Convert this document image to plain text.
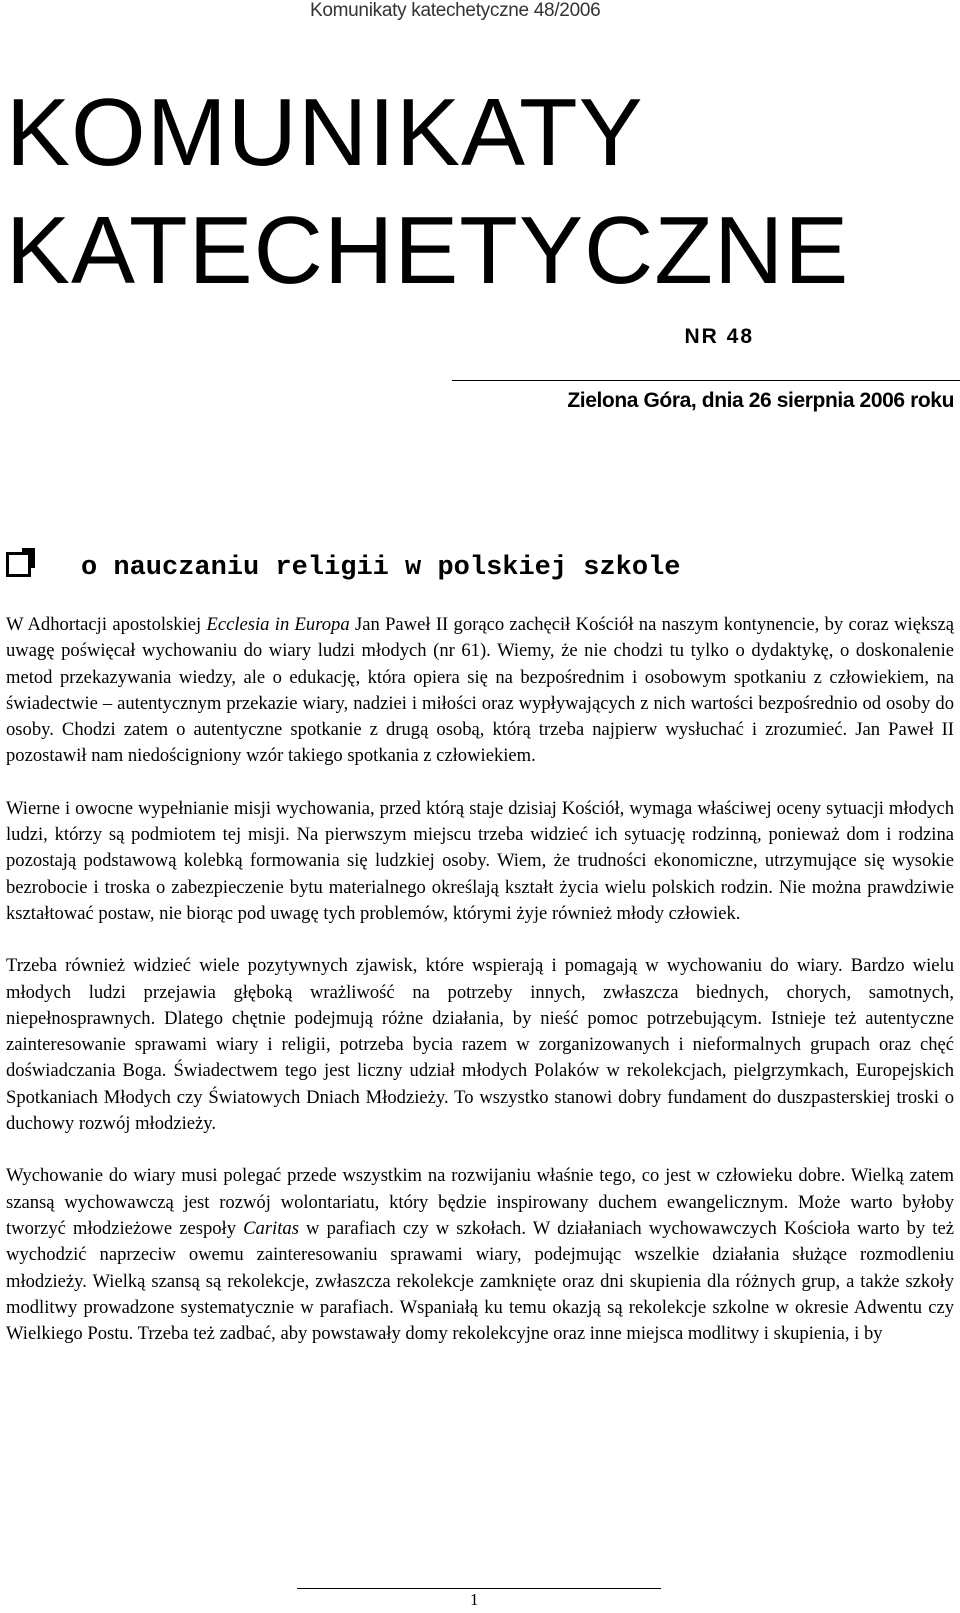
Komunikaty katechetyczne 48/2006
KOMUNIKATY
KATECHETYCZNE
NR 48
Zielona Góra, dnia 26 sierpnia 2006 roku
o nauczaniu religii w polskiej szkole

W Adhortacji apostolskiej Ecclesia in Europa Jan Paweł II gorąco zachęcił Kościół na naszym kontynencie, by coraz większą uwagę poświęcał wychowaniu do wiary ludzi młodych (nr 61). Wiemy, że nie chodzi tu tylko o dydaktykę, o doskonalenie metod przekazywania wiedzy, ale o edukację, która opiera się na bezpośrednim i osobowym spotkaniu z człowiekiem, na świadectwie – autentycznym przekazie wiary, nadziei i miłości oraz wypływających z nich wartości bezpośrednio od osoby do osoby. Chodzi zatem o autentyczne spotkanie z drugą osobą, którą trzeba najpierw wysłuchać i zrozumieć. Jan Paweł II pozostawił nam niedościgniony wzór takiego spotkania z człowiekiem.

Wierne i owocne wypełnianie misji wychowania, przed którą staje dzisiaj Kościół, wymaga właściwej oceny sytuacji młodych ludzi, którzy są podmiotem tej misji. Na pierwszym miejscu trzeba widzieć ich sytuację rodzinną, ponieważ dom i rodzina pozostają podstawową kolebką formowania się ludzkiej osoby. Wiem, że trudności ekonomiczne, utrzymujące się wysokie bezrobocie i troska o zabezpieczenie bytu materialnego określają kształt życia wielu polskich rodzin. Nie można prawdziwie kształtować postaw, nie biorąc pod uwagę tych problemów, którymi żyje również młody człowiek.

Trzeba również widzieć wiele pozytywnych zjawisk, które wspierają i pomagają w wychowaniu do wiary. Bardzo wielu młodych ludzi przejawia głęboką wrażliwość na potrzeby innych, zwłaszcza biednych, chorych, samotnych, niepełnosprawnych. Dlatego chętnie podejmują różne działania, by nieść pomoc potrzebującym. Istnieje też autentyczne zainteresowanie sprawami wiary i religii, potrzeba bycia razem w zorganizowanych i nieformalnych grupach oraz chęć doświadczania Boga. Świadectwem tego jest liczny udział młodych Polaków w rekolekcjach, pielgrzymkach, Europejskich Spotkaniach Młodych czy Światowych Dniach Młodzieży. To wszystko stanowi dobry fundament do duszpasterskiej troski o duchowy rozwój młodzieży.

Wychowanie do wiary musi polegać przede wszystkim na rozwijaniu właśnie tego, co jest w człowieku dobre. Wielką zatem szansą wychowawczą jest rozwój wolontariatu, który będzie inspirowany duchem ewangelicznym. Może warto byłoby tworzyć młodzieżowe zespoły Caritas w parafiach czy w szkołach. W działaniach wychowawczych Kościoła warto by też wychodzić naprzeciw owemu zainteresowaniu sprawami wiary, podejmując wszelkie działania służące rozmodleniu młodzieży. Wielką szansą są rekolekcje, zwłaszcza rekolekcje zamknięte oraz dni skupienia dla różnych grup, a także szkoły modlitwy prowadzone systematycznie w parafiach. Wspaniałą ku temu okazją są rekolekcje szkolne w okresie Adwentu czy Wielkiego Postu. Trzeba też zadbać, aby powstawały domy rekolekcyjne oraz inne miejsca modlitwy i skupienia, i by

1
